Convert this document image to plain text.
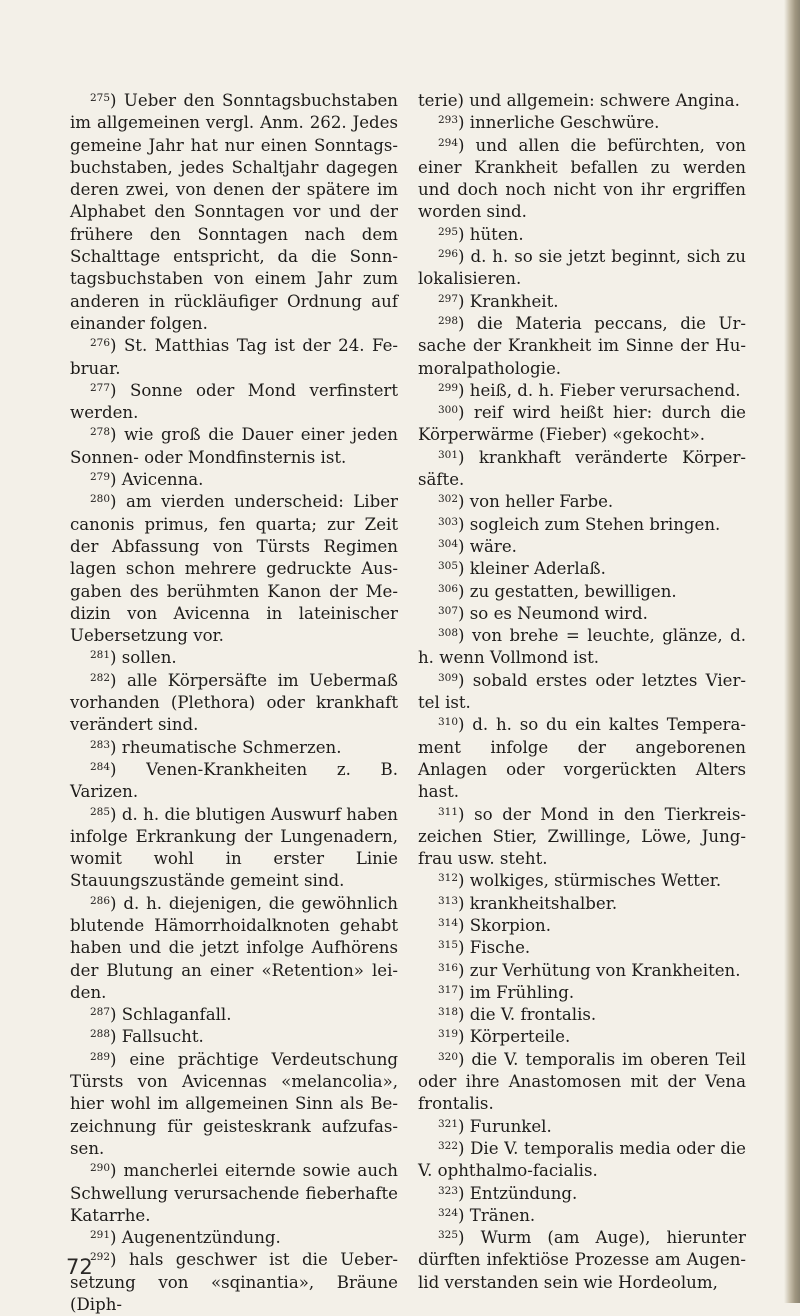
$^{275}$) Ueber den Sonntagsbuchstaben im allgemeinen vergl. Anm. 262. Jedes gemeine Jahr hat nur einen Sonntagsbuchstaben, jedes Schaltjahr dagegen deren zwei, von denen der spätere im Alphabet den Sonntagen vor und der frühere den Sonntagen nach dem Schalttage entspricht, da die Sonntagsbuchstaben von einem Jahr zum anderen in rückläufiger Ordnung auf einander folgen.

$^{276}$) St. Matthias Tag ist der 24. Februar.

$^{277}$) Sonne oder Mond verfinstert werden.

$^{278}$) wie groß die Dauer einer jeden Sonnen- oder Mondfinsternis ist.

$^{279}$) Avicenna.

$^{280}$) am vierden underscheid: Liber canonis primus, fen quarta; zur Zeit der Abfassung von Türsts Regimen lagen schon mehrere gedruckte Ausgaben des berühmten Kanon der Medizin von Avicenna in lateinischer Uebersetzung vor.

$^{281}$) sollen.

$^{282}$) alle Körpersäfte im Uebermaß vorhanden (Plethora) oder krankhaft verändert sind.

$^{283}$) rheumatische Schmerzen.

$^{284}$) Venen-Krankheiten z. B. Varizen.

$^{285}$) d. h. die blutigen Auswurf haben infolge Erkrankung der Lungenadern, womit wohl in erster Linie Stauungszustände gemeint sind.

$^{286}$) d. h. diejenigen, die gewöhnlich blutende Hämorrhoidalknoten gehabt haben und die jetzt infolge Aufhörens der Blutung an einer «Retention» leiden.

$^{287}$) Schlaganfall.

$^{288}$) Fallsucht.

$^{289}$) eine prächtige Verdeutschung Türsts von Avicennas «melancolia», hier wohl im allgemeinen Sinn als Bezeichnung für geisteskrank aufzufassen.

$^{290}$) mancherlei eiternde sowie auch Schwellung verursachende fieberhafte Katarrhe.

$^{291}$) Augenentzündung.

$^{292}$) hals geschwer ist die Uebersetzung von «sqinantia», Bräune (Diph-

terie) und allgemein: schwere Angina.

$^{293}$) innerliche Geschwüre.

$^{294}$) und allen die befürchten, von einer Krankheit befallen zu werden und doch noch nicht von ihr ergriffen worden sind.

$^{295}$) hüten.

$^{296}$) d. h. so sie jetzt beginnt, sich zu lokalisieren.

$^{297}$) Krankheit.

$^{298}$) die Materia peccans, die Ursache der Krankheit im Sinne der Humoralpathologie.

$^{299}$) heiß, d. h. Fieber verursachend.

$^{300}$) reif wird heißt hier: durch die Körperwärme (Fieber) «gekocht».

$^{301}$) krankhaft veränderte Körpersäfte.

$^{302}$) von heller Farbe.

$^{303}$) sogleich zum Stehen bringen.

$^{304}$) wäre.

$^{305}$) kleiner Aderlaß.

$^{306}$) zu gestatten, bewilligen.

$^{307}$) so es Neumond wird.

$^{308}$) von brehe = leuchte, glänze, d. h. wenn Vollmond ist.

$^{309}$) sobald erstes oder letztes Viertel ist.

$^{310}$) d. h. so du ein kaltes Temperament infolge der angeborenen Anlagen oder vorgerückten Alters hast.

$^{311}$) so der Mond in den Tierkreiszeichen Stier, Zwillinge, Löwe, Jungfrau usw. steht.

$^{312}$) wolkiges, stürmisches Wetter.

$^{313}$) krankheitshalber.

$^{314}$) Skorpion.

$^{315}$) Fische.

$^{316}$) zur Verhütung von Krankheiten.

$^{317}$) im Frühling.

$^{318}$) die V. frontalis.

$^{319}$) Körperteile.

$^{320}$) die V. temporalis im oberen Teil oder ihre Anastomosen mit der Vena frontalis.

$^{321}$) Furunkel.

$^{322}$) Die V. temporalis media oder die V. ophthalmo-facialis.

$^{323}$) Entzündung.

$^{324}$) Tränen.

$^{325}$) Wurm (am Auge), hierunter dürften infektiöse Prozesse am Augenlid verstanden sein wie Hordeolum,

72
